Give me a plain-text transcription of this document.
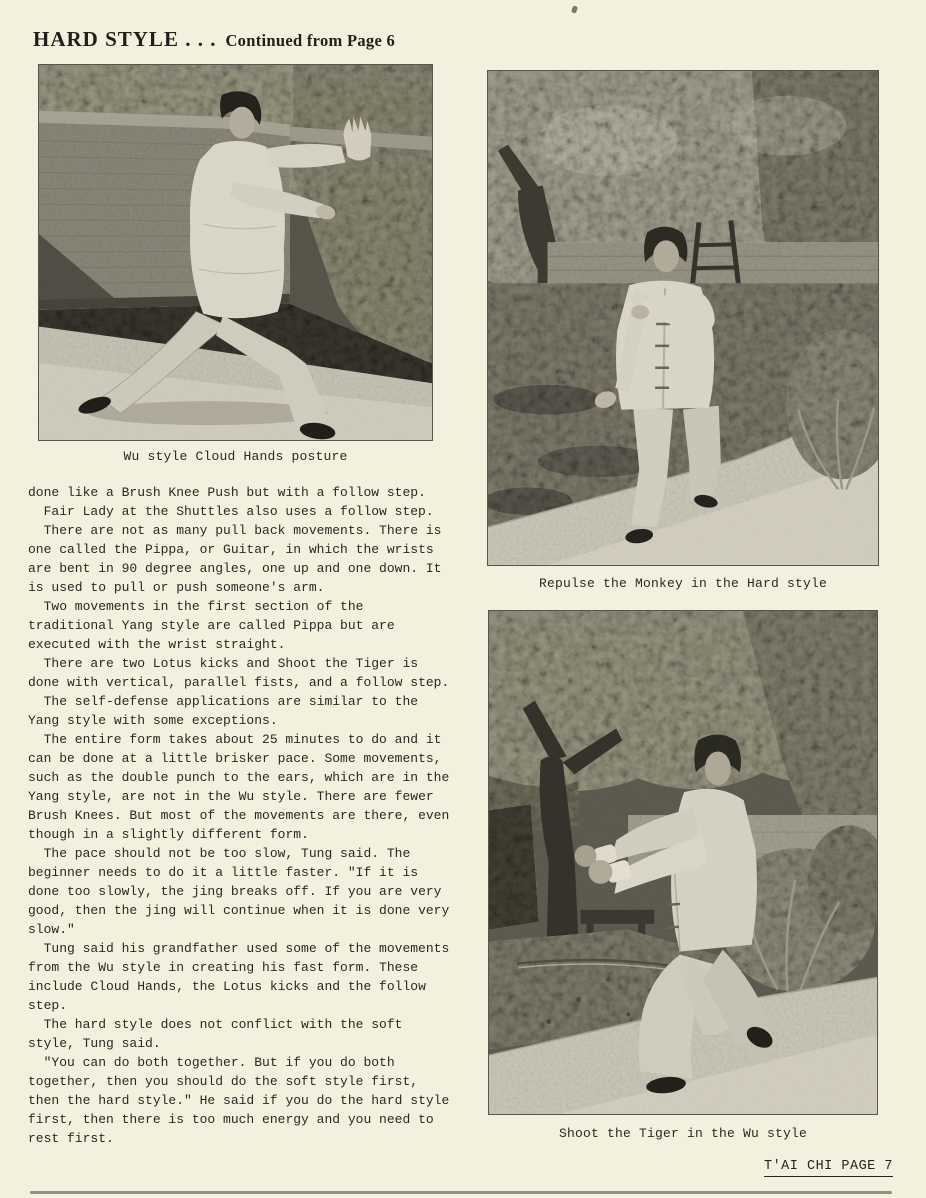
HARD STYLE . . . Continued from Page 6
Wu style Cloud Hands posture
Repulse the Monkey in the Hard style
Shoot the Tiger in the Wu style

done like a Brush Knee Push but with a follow step.

Fair Lady at the Shuttles also uses a follow step.

There are not as many pull back movements. There is one called the Pippa, or Guitar, in which the wrists are bent in 90 degree angles, one up and one down. It is used to pull or push someone's arm.

Two movements in the first section of the traditional Yang style are called Pippa but are executed with the wrist straight.

There are two Lotus kicks and Shoot the Tiger is done with vertical, parallel fists, and a follow step.

The self-defense applications are similar to the Yang style with some exceptions.

The entire form takes about 25 minutes to do and it can be done at a little brisker pace. Some movements, such as the double punch to the ears, which are in the Yang style, are not in the Wu style. There are fewer Brush Knees. But most of the movements are there, even though in a slightly different form.

The pace should not be too slow, Tung said. The beginner needs to do it a little faster. "If it is done too slowly, the jing breaks off. If you are very good, then the jing will continue when it is done very slow."

Tung said his grandfather used some of the movements from the Wu style in creating his fast form. These include Cloud Hands, the Lotus kicks and the follow step.

The hard style does not conflict with the soft style, Tung said.

"You can do both together. But if you do both together, then you should do the soft style first, then the hard style." He said if you do the hard style first, then there is too much energy and you need to rest first.

T'AI CHI PAGE 7
